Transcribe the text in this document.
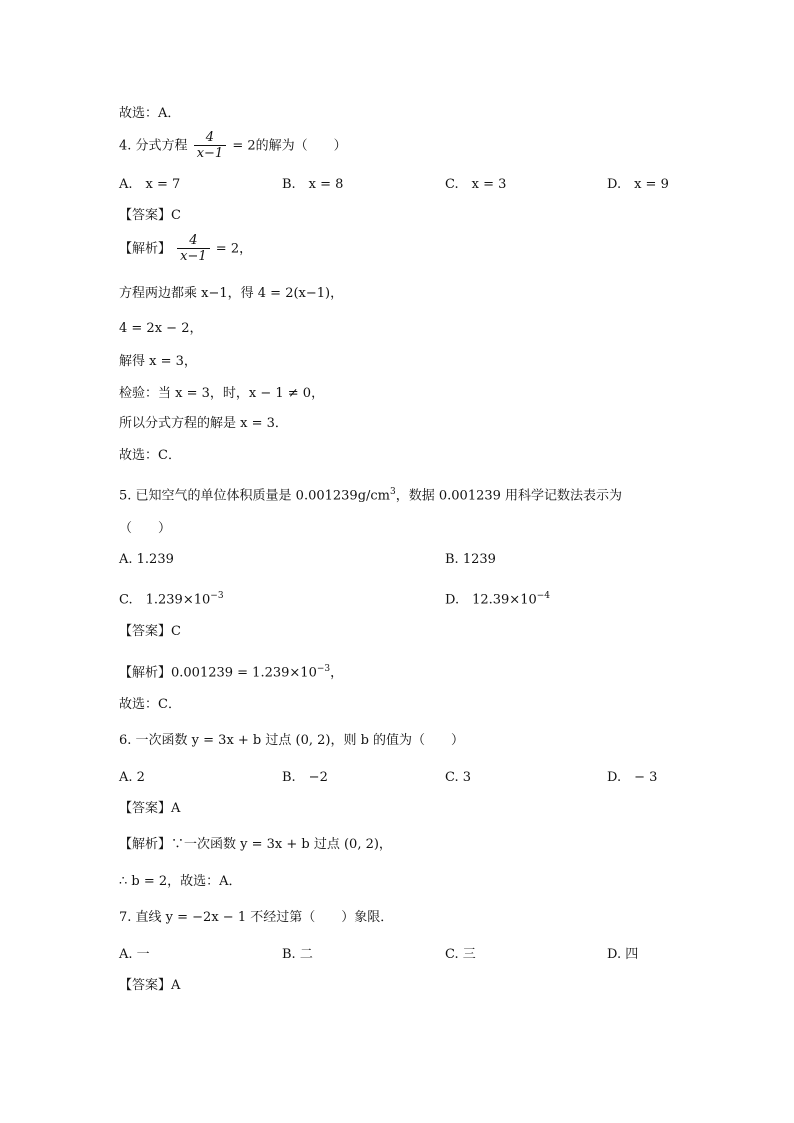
故选：A．
4. 分式方程 $\frac{4}{x-1} = 2$的解为（　　）
A.　x = 7	B.　x = 8	C.　x = 3	D.　x = 9
【答案】C
【解析】 $\frac{4}{x-1} = 2$，
方程两边都乘 x−1，得 4 = 2(x−1)，
4 = 2x − 2，
解得 x = 3，
检验：当 x = 3，时，x − 1 ≠ 0，
所以分式方程的解是 x = 3．
故选：C．
5. 已知空气的单位体积质量是 $0.001239g/cm^3$，数据 0.001239 用科学记数法表示为
（　　）
A. 1.239	B. 1239
C.　$1.239\times 10^{-3}$	D.　$12.39\times 10^{-4}$
【答案】C
【解析】$0.001239 = 1.239\times 10^{-3}$，
故选：C．
6. 一次函数 y = 3x + b 过点 (0, 2)，则 b 的值为（　　）
A. 2	B.　−2	C. 3	D.　− 3
【答案】A
【解析】∵一次函数 y = 3x + b 过点 (0, 2)，
∴ b = 2，故选：A．
7. 直线 y = −2x − 1 不经过第（　　）象限．
A. 一	B. 二	C. 三	D. 四
【答案】A
